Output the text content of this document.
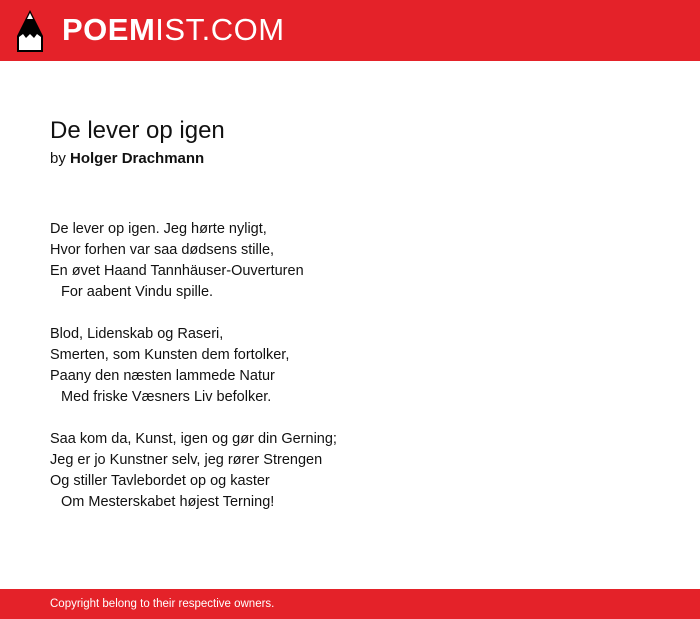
POEMIST.COM
De lever op igen
by Holger Drachmann
De lever op igen. Jeg hørte nyligt,
Hvor forhen var saa dødsens stille,
En øvet Haand Tannhäuser-Ouverturen
For aabent Vindu spille.
Blod, Lidenskab og Raseri,
Smerten, som Kunsten dem fortolker,
Paany den næsten lammede Natur
Med friske Væsners Liv befolker.
Saa kom da, Kunst, igen og gør din Gerning;
Jeg er jo Kunstner selv, jeg rører Strengen
Og stiller Tavlebordet op og kaster
Om Mesterskabet højest Terning!
Copyright belong to their respective owners.
